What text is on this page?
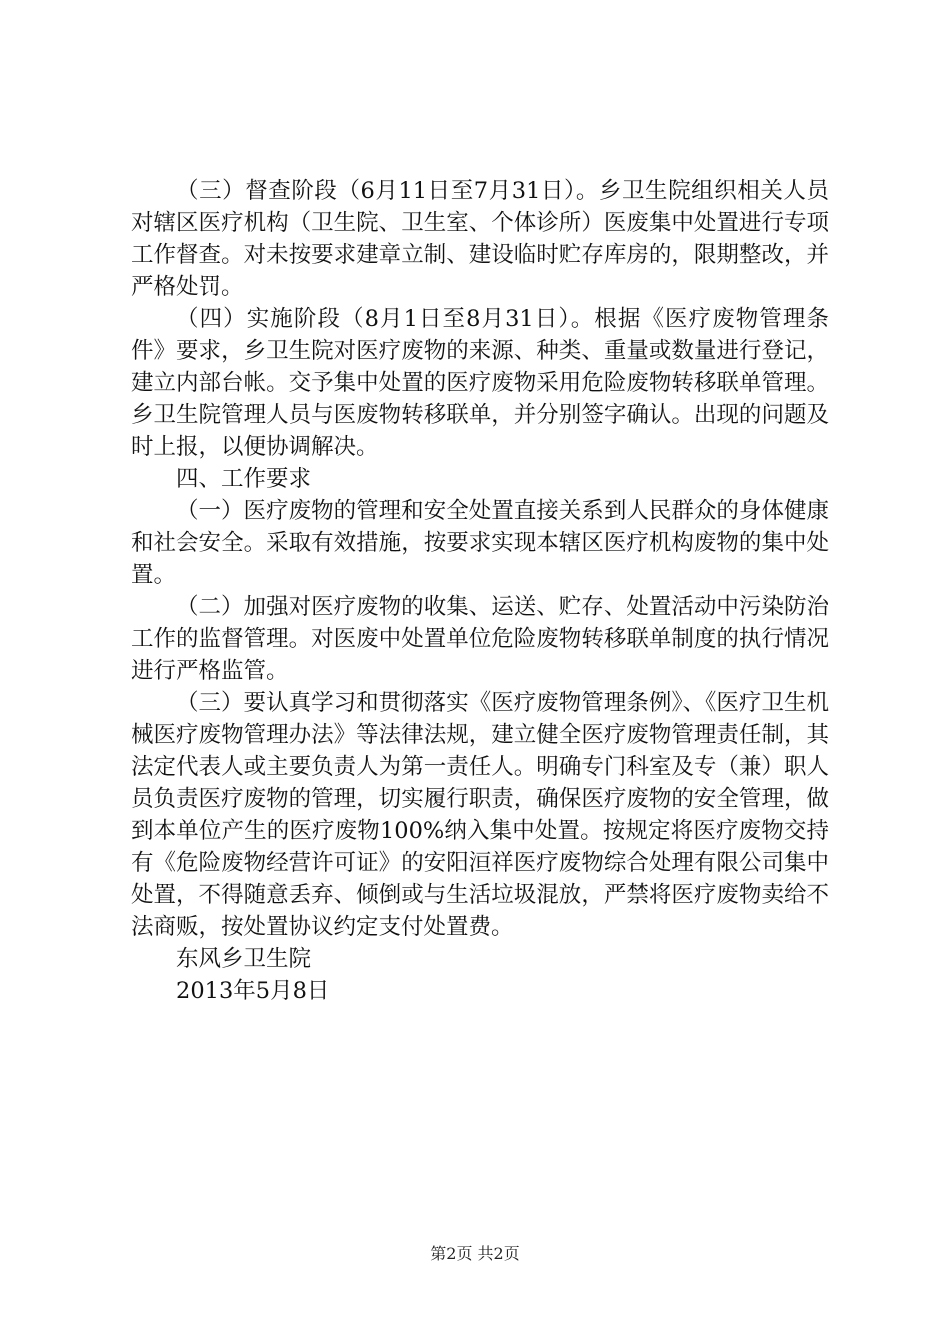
（三）督查阶段（6月11日至7月31日）。乡卫生院组织相关人员对辖区医疗机构（卫生院、卫生室、个体诊所）医废集中处置进行专项工作督查。对未按要求建章立制、建设临时贮存库房的，限期整改，并严格处罚。

（四）实施阶段（8月1日至8月31日）。根据《医疗废物管理条件》要求，乡卫生院对医疗废物的来源、种类、重量或数量进行登记，建立内部台帐。交予集中处置的医疗废物采用危险废物转移联单管理。乡卫生院管理人员与医废物转移联单，并分别签字确认。出现的问题及时上报，以便协调解决。

四、工作要求

（一）医疗废物的管理和安全处置直接关系到人民群众的身体健康和社会安全。采取有效措施，按要求实现本辖区医疗机构废物的集中处置。

（二）加强对医疗废物的收集、运送、贮存、处置活动中污染防治工作的监督管理。对医废中处置单位危险废物转移联单制度的执行情况进行严格监管。

（三）要认真学习和贯彻落实《医疗废物管理条例》、《医疗卫生机械医疗废物管理办法》等法律法规，建立健全医疗废物管理责任制，其法定代表人或主要负责人为第一责任人。明确专门科室及专（兼）职人员负责医疗废物的管理，切实履行职责，确保医疗废物的安全管理，做到本单位产生的医疗废物100%纳入集中处置。按规定将医疗废物交持有《危险废物经营许可证》的安阳洹祥医疗废物综合处理有限公司集中处置，不得随意丢弃、倾倒或与生活垃圾混放，严禁将医疗废物卖给不法商贩，按处置协议约定支付处置费。

东风乡卫生院

2013年5月8日

第2页 共2页
